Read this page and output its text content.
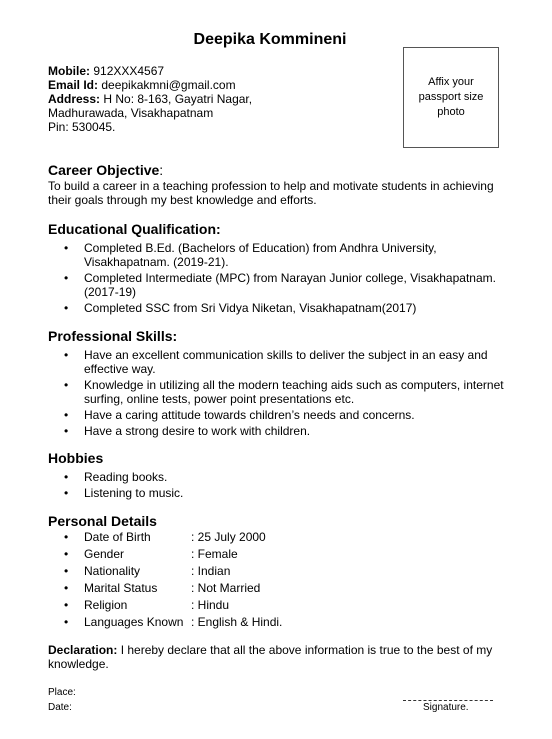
Deepika Kommineni
Mobile: 912XXX4567
Email Id: deepikakmni@gmail.com
Address: H No: 8-163, Gayatri Nagar,
Madhurawada, Visakhapatnam
Pin: 530045.
Affix your passport size photo
Career Objective:
To build a career in a teaching profession to help and motivate students in achieving their goals through my best knowledge and efforts.
Educational Qualification:
• Completed B.Ed. (Bachelors of Education) from Andhra University, Visakhapatnam. (2019-21).
• Completed Intermediate (MPC) from Narayan Junior college, Visakhapatnam. (2017-19)
• Completed SSC from Sri Vidya Niketan, Visakhapatnam(2017)
Professional Skills:
• Have an excellent communication skills to deliver the subject in an easy and effective way.
• Knowledge in utilizing all the modern teaching aids such as computers, internet surfing, online tests, power point presentations etc.
• Have a caring attitude towards children’s needs and concerns.
• Have a strong desire to work with children.
Hobbies
• Reading books.
• Listening to music.
Personal Details
• Date of Birth	: 25 July 2000
• Gender	: Female
• Nationality	: Indian
• Marital Status	: Not Married
• Religion	: Hindu
• Languages Known : English & Hindi.
Declaration: I hereby declare that all the above information is true to the best of my knowledge.
Place:
Date:	Signature.
